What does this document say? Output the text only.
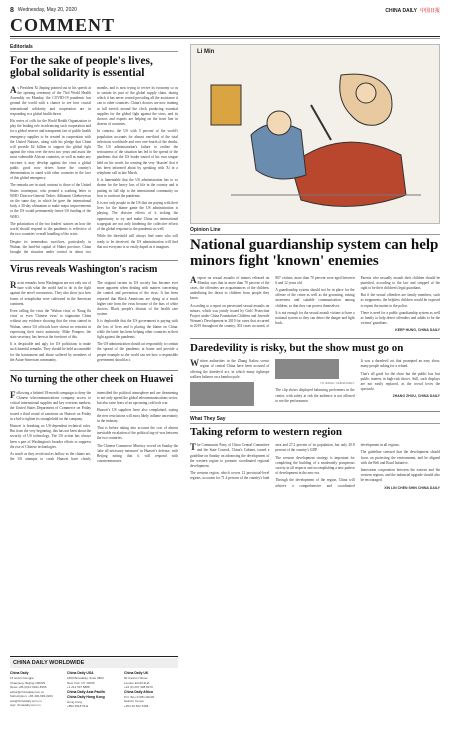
8 Wednesday, May 20, 2020	CHINA DAILY 中国日报
COMMENT
Editorials
For the sake of people's lives, global solidarity is essential

As President Xi Jinping pointed out in his speech at the opening ceremony of the 73rd World Health Assembly on Monday, the COVID-19 pandemic has ground the world with a chance to see how crucial international solidarity and cooperation are in responding to a global health threat.

His series of calls for the World Health Organization to play the leading role in advancing such cooperation and for a global reserve and transparent fair of public health emergency supplies to be created in cooperation with the United Nations, along with his pledge that China will provide $2 billion to support the global fight against the virus over the next two years and assist the most vulnerable African countries, as well as make any vaccines it may develop against the virus a global public good now drives home the country's determination to stand with other countries in the face of this global emergency.

The remarks are in stark contrast to those of the United States counterpart, who penned a scathing letter to WHO Director-General Tedros Adhanom Ghebreyesus on the same day, in which he gave the international body a 30-day ultimatum to make major improvements or the US would permanently freeze US funding of the WHO.

The polarization of the two leaders' stances on how the world should respond to the pandemic is reflective of the two countries' overall handling of the crisis.

Despite its tremendous sacrifices, particularly in Wuhan, the hard-hit capital of Hubei province, China brought the situation under control in about two months, and is now trying to revive its economy so as to sustain its part of the global supply chain, during which it has never ceased providing all the assistance it can to other countries. China's doctors are now training at full stretch around the clock producing essential supplies for the global fight against the virus, and its doctors and experts are helping on the front line in dozens of countries.

In contrast, the US with 5 percent of the world's population accounts for almost one-third of the total infections worldwide and over one-fourth of the deaths. The US administration's failure to realize the seriousness of the situation has led to the spread of the pandemic that the US leader touted of his own tongue held on his words for creating the very 'disaster' that it has been informed about by speaking with Xi in a telephone call in late March.

It is lamentable that the US administration has to so shame for the heavy loss of life in the country and is putting its full slip to the international community on how to confront the pandemic.

It is not only people in the US that are paying with their lives for the blame game the US administration is playing. The divisive effects of it stoking the opportunity to try and make China an international scapegoat are not only hindering the collective efforts of the global response to the pandemic as well.

While the threshold will always find some who will ready to be deceived, the US administration will find that not everyone is so easily duped as it imagines.

Virus reveals Washington's racism

Racist remarks from Washington are not only out of tune with what the world had to do in the fight against the novel coronavirus. They also show just how forms of xenophobia were cultivated in the American continent.

Even calling the virus the 'Wuhan virus' or 'Kung flu virus' or even 'Chinese virus' to stigmatize China without any evidence showing that the virus started in Wuhan, senior US officials have shown no restraint in expressing their racist animosity. Mike Pompeo, the state secretary, has been at the forefront of this.

It is despicable and ugly for US politicians to make such harmful remarks. They should be held accountable for the harassment and abuse suffered by members of the Asian-American community.

The original racism in US society has become ever more apparent when dealing with matters concerning the control and prevention of the virus. It has been reported that Black Americans are dying at a much higher rate from the virus because of the bias of white doctors, Black people's distrust of the health care system.

It is deplorable that the US government is paying with the loss of lives and is placing the blame on China, while the latter has been helping other countries in their fight against the pandemic.

The US administration should act responsibly to combat the spread of the pandemic at home and provide a proper example so the world can see how a responsible government should act.

No turning the other cheek on Huawei

Following a belated 18-month campaign to deny the Chinese telecommunications company access to critical international supplies and key overseas markets, the United States Department of Commerce on Friday issued a third round of sanctions on Huawei on Friday in a bid to tighten its stranglehold on the company.

Huawei is breaking no US-dependent technical rules. But from the very beginning, this has not been about the security of US technology. The US action has always been a part of Washington's broader efforts to suppress the rise of Chinese technologies.

As much as they avoid and as hollow as the claims are, the US attempts to crush Huawei have clearly intensified the political atmosphere and are threatening to not only upend the global telecommunications sector, but also raise fears of an upcoming cold tech war.

Huawei's US suppliers have also complained, saying the new restrictions will most likely inflame uncertainty in the industry.

That is before taking into account the cost of almost inevitable escalation of the political tug-of-war between the two countries.

The Chinese Commerce Ministry vowed on Sunday the 'take all necessary measures' in Huawei's defense, with Beijing noting that it will respond with countermeasures.

CHINA DAILY WORLDWIDE
China Daily
15 Huixin Dongjie,
Chaoyang, Beijing 100029
News +86 (0)10 6491-8366
editor@chinadaily.com.cn
Subscription: +86 400-699-0203
sub@chinadaily.com.cn
App: chinadaily.com.cn
China Daily USA
1500 Broadway, Suite 2800
New York, NY 10036
+1 212 537 8888
China Daily Asia Pacific
China Daily Hong Kong
Hong Kong
+852 2518 5111
China Daily UK
90 Cannon Street
London EC4N 6HA
+44 (0) 207 398 8270
China Daily Africa
P.O. Box 27281-00100
Nairobi, Kenya
+254 20 522 3498
Li Min
Opinion Line
National guardianship system can help minors fight 'known' enemies

Areport on sexual assaults of minors released on Monday says that in more than 70 percent of the cases, the offenders are acquaintances of the children, underlining the threat to children from people they know.

According to a report on persecuted sexual assaults on minors, which was jointly issued by Girls' Protection Project under China Foundation Children and Juvenile Women's Development in 2019 for cases that occurred in 2019 throughout the country, 301 cases occurred, of 807 victims, more than 70 percent were aged between 6 and 12 years old.

A guardianship system should not be in place for the offense of the crime as well as the grooming, raising awareness and suitable communication among children, so that they can protect themselves.

It is not enough for the sexual assault victims to have a national system so they can detect the danger and fight back.

Parents who sexually assault their children should be punished, according to the law and stripped of the right to be their children's legal guardians.

But if the sexual offenders are family members, such as stepparents, the helpless children would be exposed to repeat the matter to the police.

There is need for a public guardianship system as well as family to help detect offenders and adults to be the victims' guardians.

KEEP HUNG, CHINA DAILY
Daredevility is risky, but the show must go on

Written authorities in the Zhang Jiakou scenic region of central China have been accused of offering the daredevil act, in which many tightrope walkers balance on a bamboo pole.

YU JIANG / CHINA DAILY

The clip shows displayed balancing performers in the center, with safety at risk the audience is not allowed to see the performance.

It was a daredevil act that prompted an easy show, many people asking for a refund.

That's all good for the show but the public has lost public interest in high-risk shows. Still, such displays are not easily replaced, as the crowd loves the spectacle.

ZHANG ZHOU, CHINA DAILY
What They Say
Taking reform to western region

The Communist Party of China Central Committee and the State Council, China's Cabinet, issued a guideline on Sunday on advancing the development of the western region to promote coordinated regional development.

The western region, which covers 12 provincial-level regions, accounts for 71.4 percent of the country's land area and 27.2 percent of its population, but only 20.8 percent of the country's GDP.

The western development strategy is important for completing the building of a moderately prosperous society in all respects and accomplishing a new pattern of development in the new era.

Through the development of the region, China will achieve a comprehensive and coordinated development in all regions.

The guideline stressed that the development should focus on protecting the environment, and be aligned with the Belt and Road Initiative.

Innovation cooperation between the eastern and the western regions, and the industrial upgrade should also be encouraged.

XIN LIN CHEN SHIN CHINA DAILY
